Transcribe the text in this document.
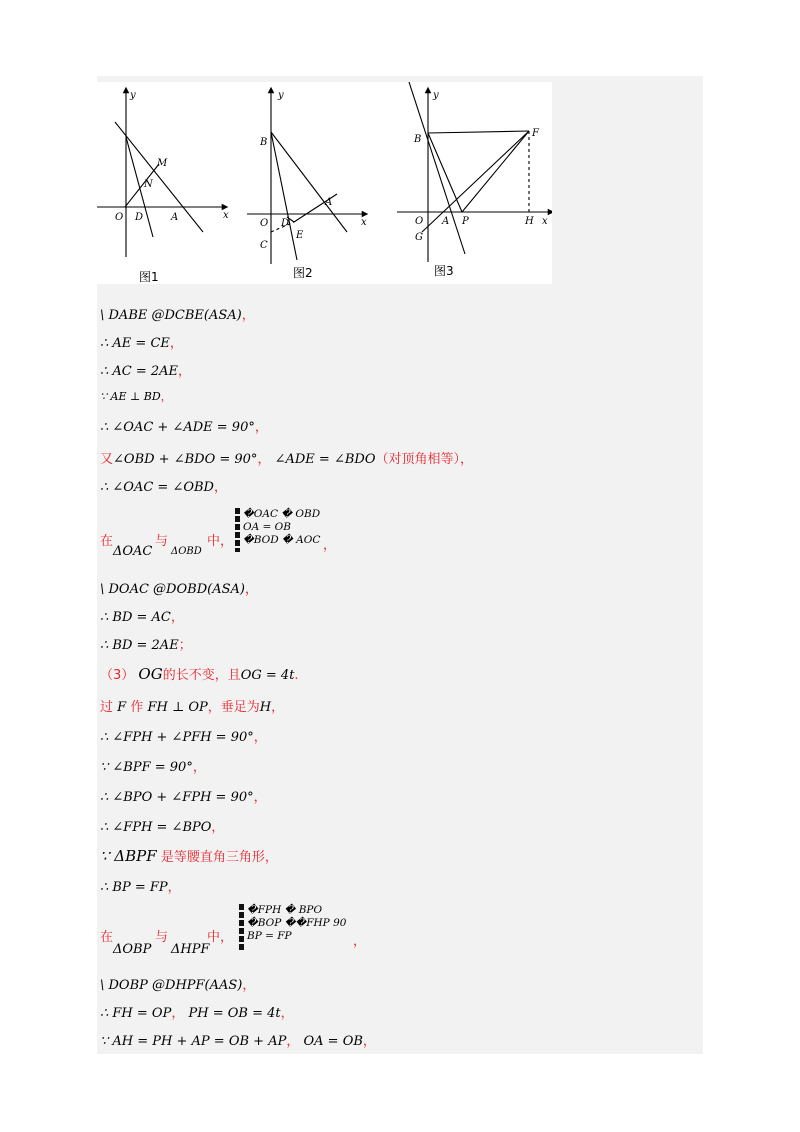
y
x
O D	A
M
N
y
x
B
O D
A
C
E
y
x
B
F
O A P	H
G
图1	图2	图3
\ DABE @DCBE(ASA)，
∴ AE = CE，
∴ AC = 2AE，
∵ AE ⊥ BD，
∴ ∠OAC + ∠ADE = 90°，
又∠OBD + ∠BDO = 90°， ∠ADE = ∠BDO（对顶角相等），
∴ ∠OAC = ∠OBD，
在	与	中，
ΔOAC ΔOBD
�OAC � OBD
OA = OB
�BOD � AOC ，
\ DOAC @DOBD(ASA)，
∴ BD = AC，
∴ BD = 2AE；
（3） OG的长不变，且OG = 4t.
过 F 作 FH ⊥ OP，垂足为H，
∴ ∠FPH + ∠PFH = 90°，
∵ ∠BPF = 90°，
∴ ∠BPO + ∠FPH = 90°，
∴ ∠FPH = ∠BPO，
∵ ΔBPF 是等腰直角三角形，
∴ BP = FP，
在	与	中，
ΔOBP ΔHPF
�FPH � BPO
�BOP ��FHP 90
BP = FP	，
\ DOBP @DHPF(AAS)，
∴ FH = OP， PH = OB = 4t，
∵ AH = PH + AP = OB + AP， OA = OB，
